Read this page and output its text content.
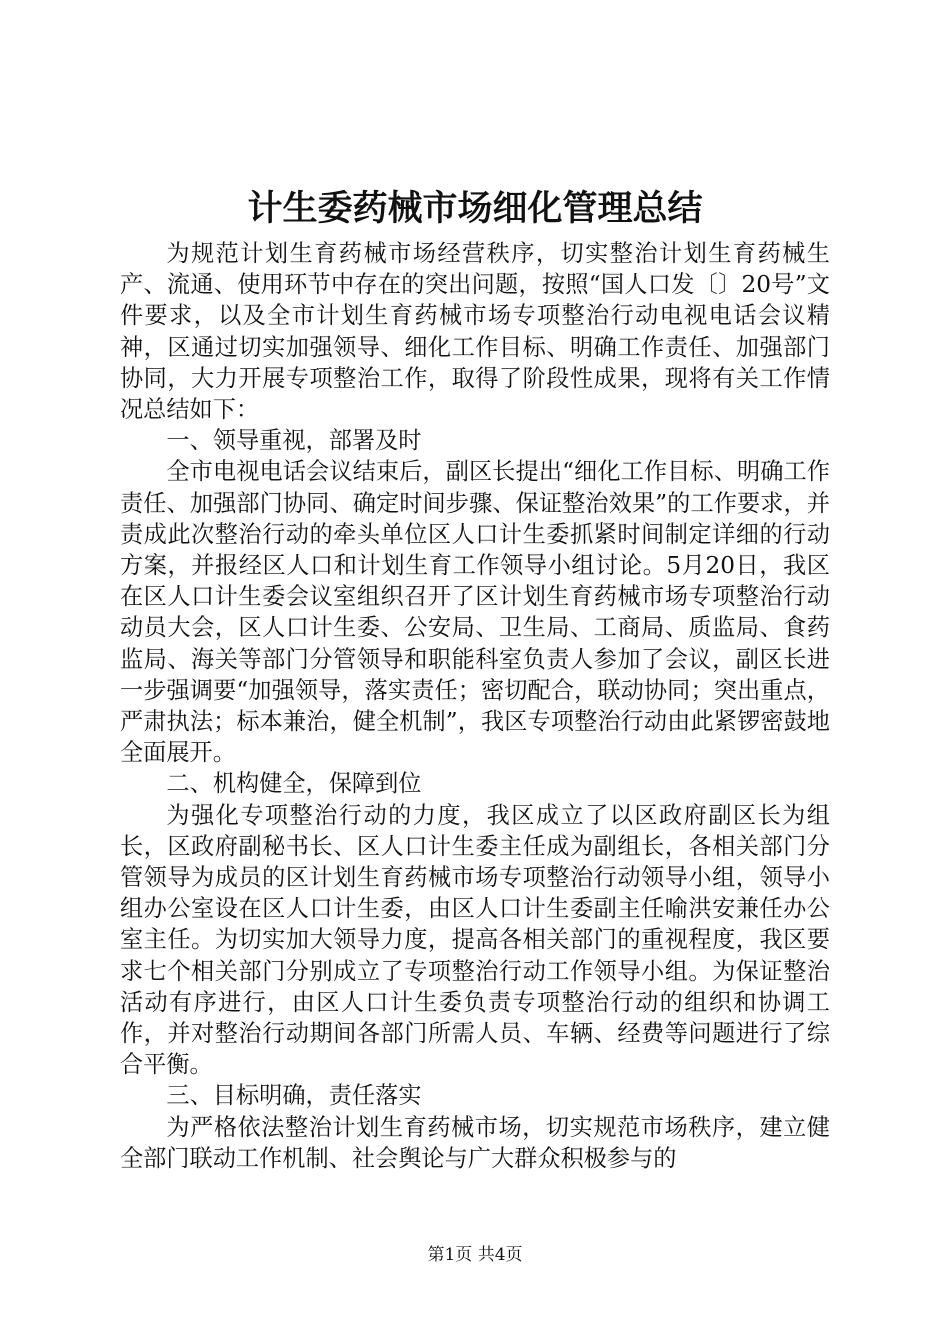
计生委药械市场细化管理总结

为规范计划生育药械市场经营秩序，切实整治计划生育药械生产、流通、使用环节中存在的突出问题，按照“国人口发〔〕20号”文件要求，以及全市计划生育药械市场专项整治行动电视电话会议精神，区通过切实加强领导、细化工作目标、明确工作责任、加强部门协同，大力开展专项整治工作，取得了阶段性成果，现将有关工作情况总结如下：

一、领导重视，部署及时

全市电视电话会议结束后，副区长提出“细化工作目标、明确工作责任、加强部门协同、确定时间步骤、保证整治效果”的工作要求，并责成此次整治行动的牵头单位区人口计生委抓紧时间制定详细的行动方案，并报经区人口和计划生育工作领导小组讨论。5月20日，我区在区人口计生委会议室组织召开了区计划生育药械市场专项整治行动动员大会，区人口计生委、公安局、卫生局、工商局、质监局、食药监局、海关等部门分管领导和职能科室负责人参加了会议，副区长进一步强调要“加强领导，落实责任；密切配合，联动协同；突出重点，严肃执法；标本兼治，健全机制”，我区专项整治行动由此紧锣密鼓地全面展开。

二、机构健全，保障到位

为强化专项整治行动的力度，我区成立了以区政府副区长为组长，区政府副秘书长、区人口计生委主任成为副组长，各相关部门分管领导为成员的区计划生育药械市场专项整治行动领导小组，领导小组办公室设在区人口计生委，由区人口计生委副主任喻洪安兼任办公室主任。为切实加大领导力度，提高各相关部门的重视程度，我区要求七个相关部门分别成立了专项整治行动工作领导小组。为保证整治活动有序进行，由区人口计生委负责专项整治行动的组织和协调工作，并对整治行动期间各部门所需人员、车辆、经费等问题进行了综合平衡。

三、目标明确，责任落实

为严格依法整治计划生育药械市场，切实规范市场秩序，建立健全部门联动工作机制、社会舆论与广大群众积极参与的

第1页 共4页
